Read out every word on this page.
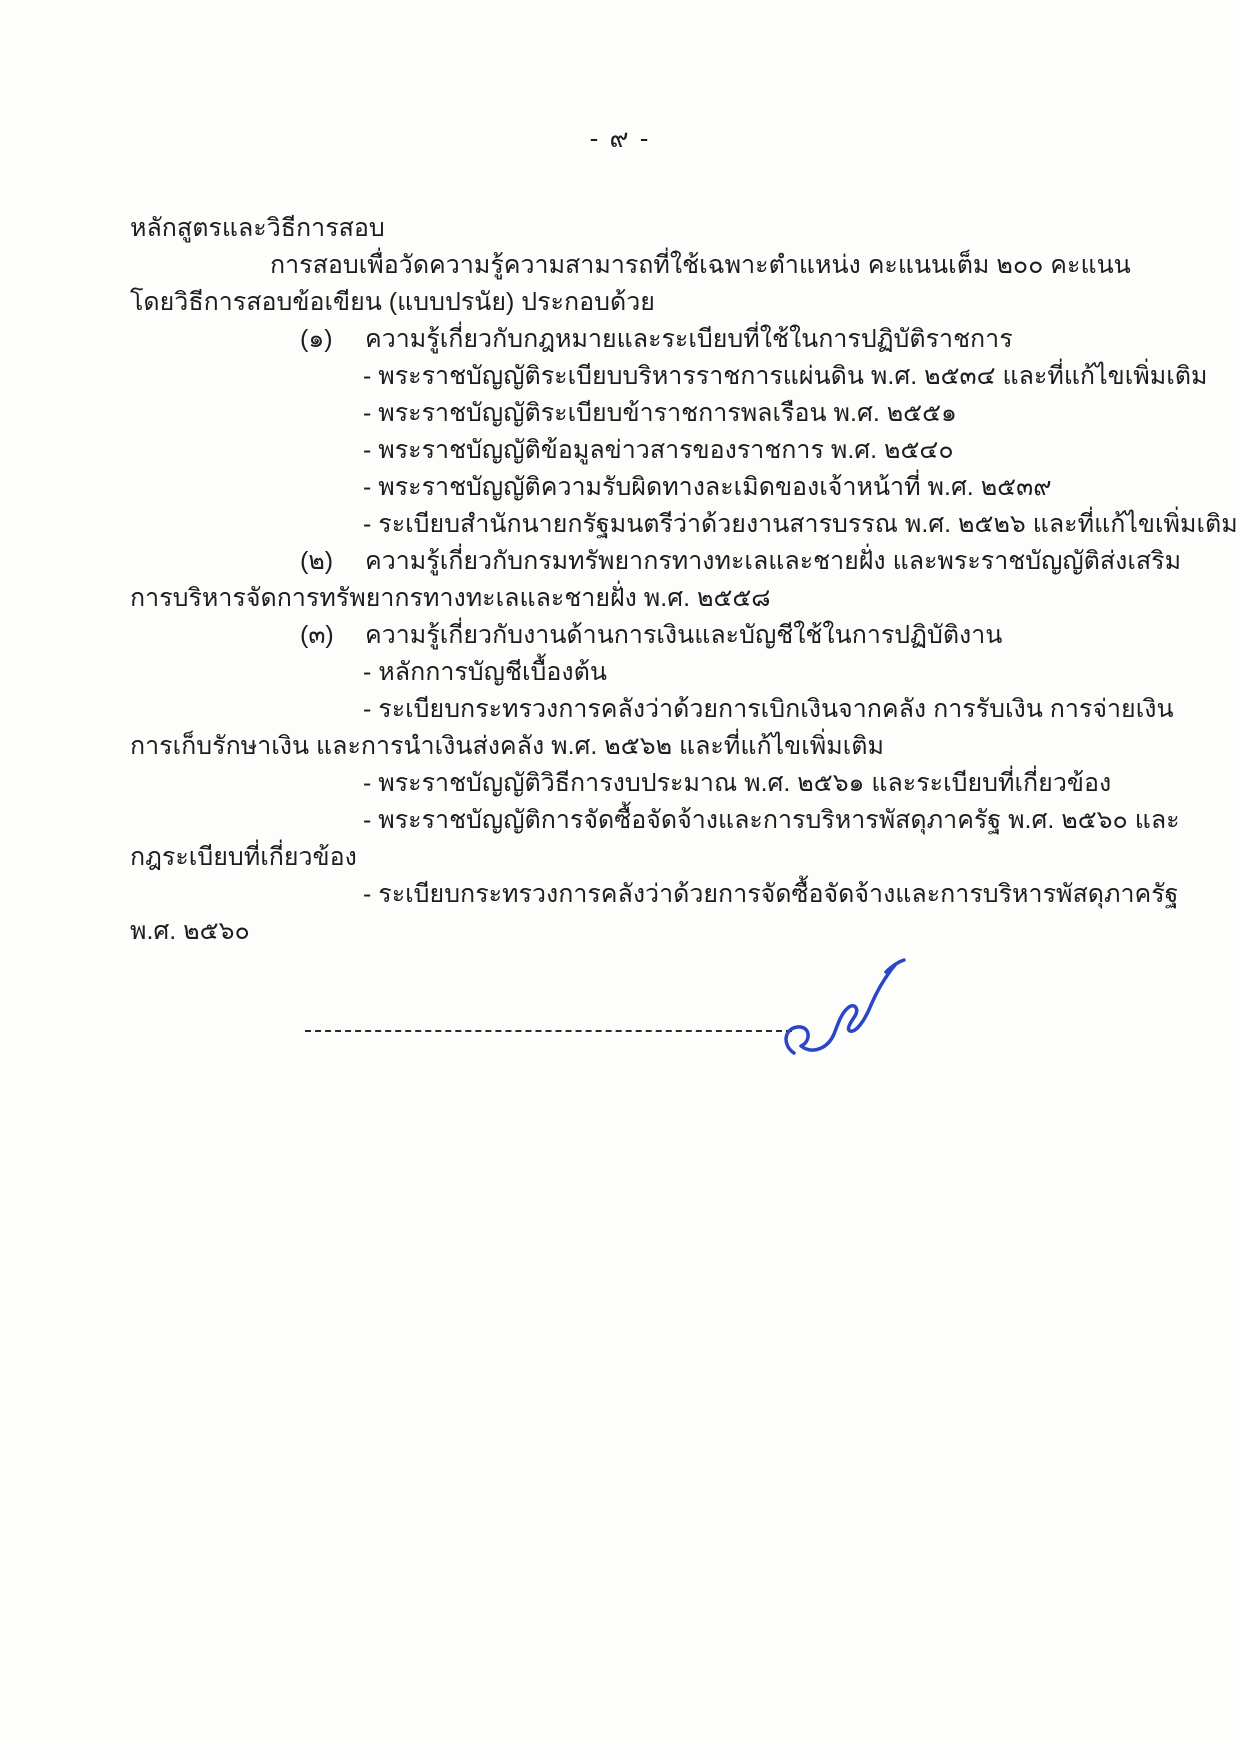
- ๙ -
หลักสูตรและวิธีการสอบ
การสอบเพื่อวัดความรู้ความสามารถที่ใช้เฉพาะตำแหน่ง คะแนนเต็ม ๒๐๐ คะแนน
โดยวิธีการสอบข้อเขียน (แบบปรนัย) ประกอบด้วย
(๑) ความรู้เกี่ยวกับกฎหมายและระเบียบที่ใช้ในการปฏิบัติราชการ
- พระราชบัญญัติระเบียบบริหารราชการแผ่นดิน พ.ศ. ๒๕๓๔ และที่แก้ไขเพิ่มเติม
- พระราชบัญญัติระเบียบข้าราชการพลเรือน พ.ศ. ๒๕๕๑
- พระราชบัญญัติข้อมูลข่าวสารของราชการ พ.ศ. ๒๕๔๐
- พระราชบัญญัติความรับผิดทางละเมิดของเจ้าหน้าที่ พ.ศ. ๒๕๓๙
- ระเบียบสำนักนายกรัฐมนตรีว่าด้วยงานสารบรรณ พ.ศ. ๒๕๒๖ และที่แก้ไขเพิ่มเติม
(๒) ความรู้เกี่ยวกับกรมทรัพยากรทางทะเลและชายฝั่ง และพระราชบัญญัติส่งเสริม
การบริหารจัดการทรัพยากรทางทะเลและชายฝั่ง พ.ศ. ๒๕๕๘
(๓) ความรู้เกี่ยวกับงานด้านการเงินและบัญชีใช้ในการปฏิบัติงาน
- หลักการบัญชีเบื้องต้น
- ระเบียบกระทรวงการคลังว่าด้วยการเบิกเงินจากคลัง การรับเงิน การจ่ายเงิน
การเก็บรักษาเงิน และการนำเงินส่งคลัง พ.ศ. ๒๕๖๒ และที่แก้ไขเพิ่มเติม
- พระราชบัญญัติวิธีการงบประมาณ พ.ศ. ๒๕๖๑ และระเบียบที่เกี่ยวข้อง
- พระราชบัญญัติการจัดซื้อจัดจ้างและการบริหารพัสดุภาครัฐ พ.ศ. ๒๕๖๐ และ
กฎระเบียบที่เกี่ยวข้อง
- ระเบียบกระทรวงการคลังว่าด้วยการจัดซื้อจัดจ้างและการบริหารพัสดุภาครัฐ
พ.ศ. ๒๕๖๐
